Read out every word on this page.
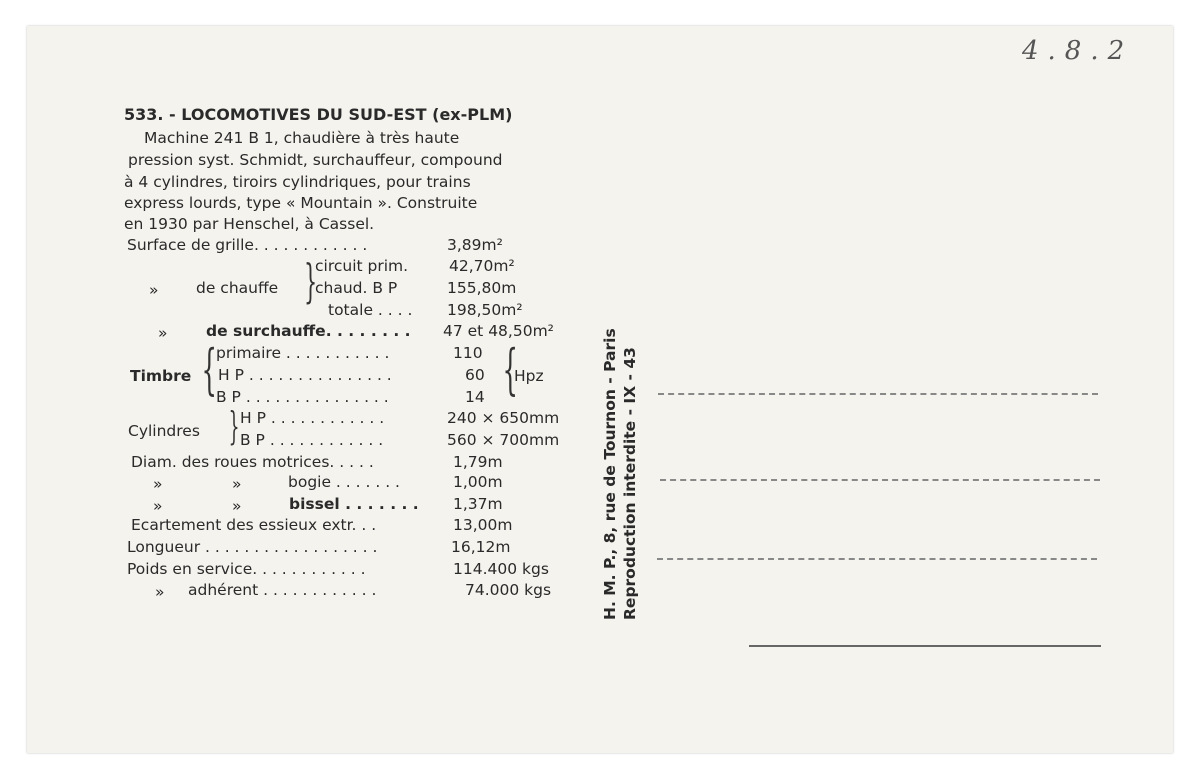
4.8.2
533. - LOCOMOTIVES DU SUD-EST (ex-PLM)
Machine 241 B 1, chaudière à très haute
pression syst. Schmidt, surchauffeur, compound
à 4 cylindres, tiroirs cylindriques, pour trains
express lourds, type « Mountain ». Construite
en 1930 par Henschel, à Cassel.
Surface de grille. . . . . . . . . . . .	3,89m²
» de chauffe }
circuit prim.	42,70m²
chaud. B P	155,80m
totale . . . . 198,50m²
» de surchauffe. . . . . . . . 47 et 48,50m²
Timbre { primaire . . . . . . . . . . .	110
H P . . . . . . . . . . . . . . .	60
B P . . . . . . . . . . . . . . .	14 {
Hpz
Cylindres } H P . . . . . . . . . . . .	240 × 650mm
B P . . . . . . . . . . . .	560 × 700mm
Diam. des roues motrices. . . . .	1,79m
»	»	bogie . . . . . . .	1,00m
»	»	bissel . . . . . . . 1,37m
Ecartement des essieux extr. . .	13,00m
Longueur . . . . . . . . . . . . . . . . . .	16,12m
Poids en service. . . . . . . . . . . .	114.400 kgs
» adhérent . . . . . . . . . . . .	74.000 kgs	H. M. P., 8, rue de Tournon - Paris Reproduction interdite - IX - 43
